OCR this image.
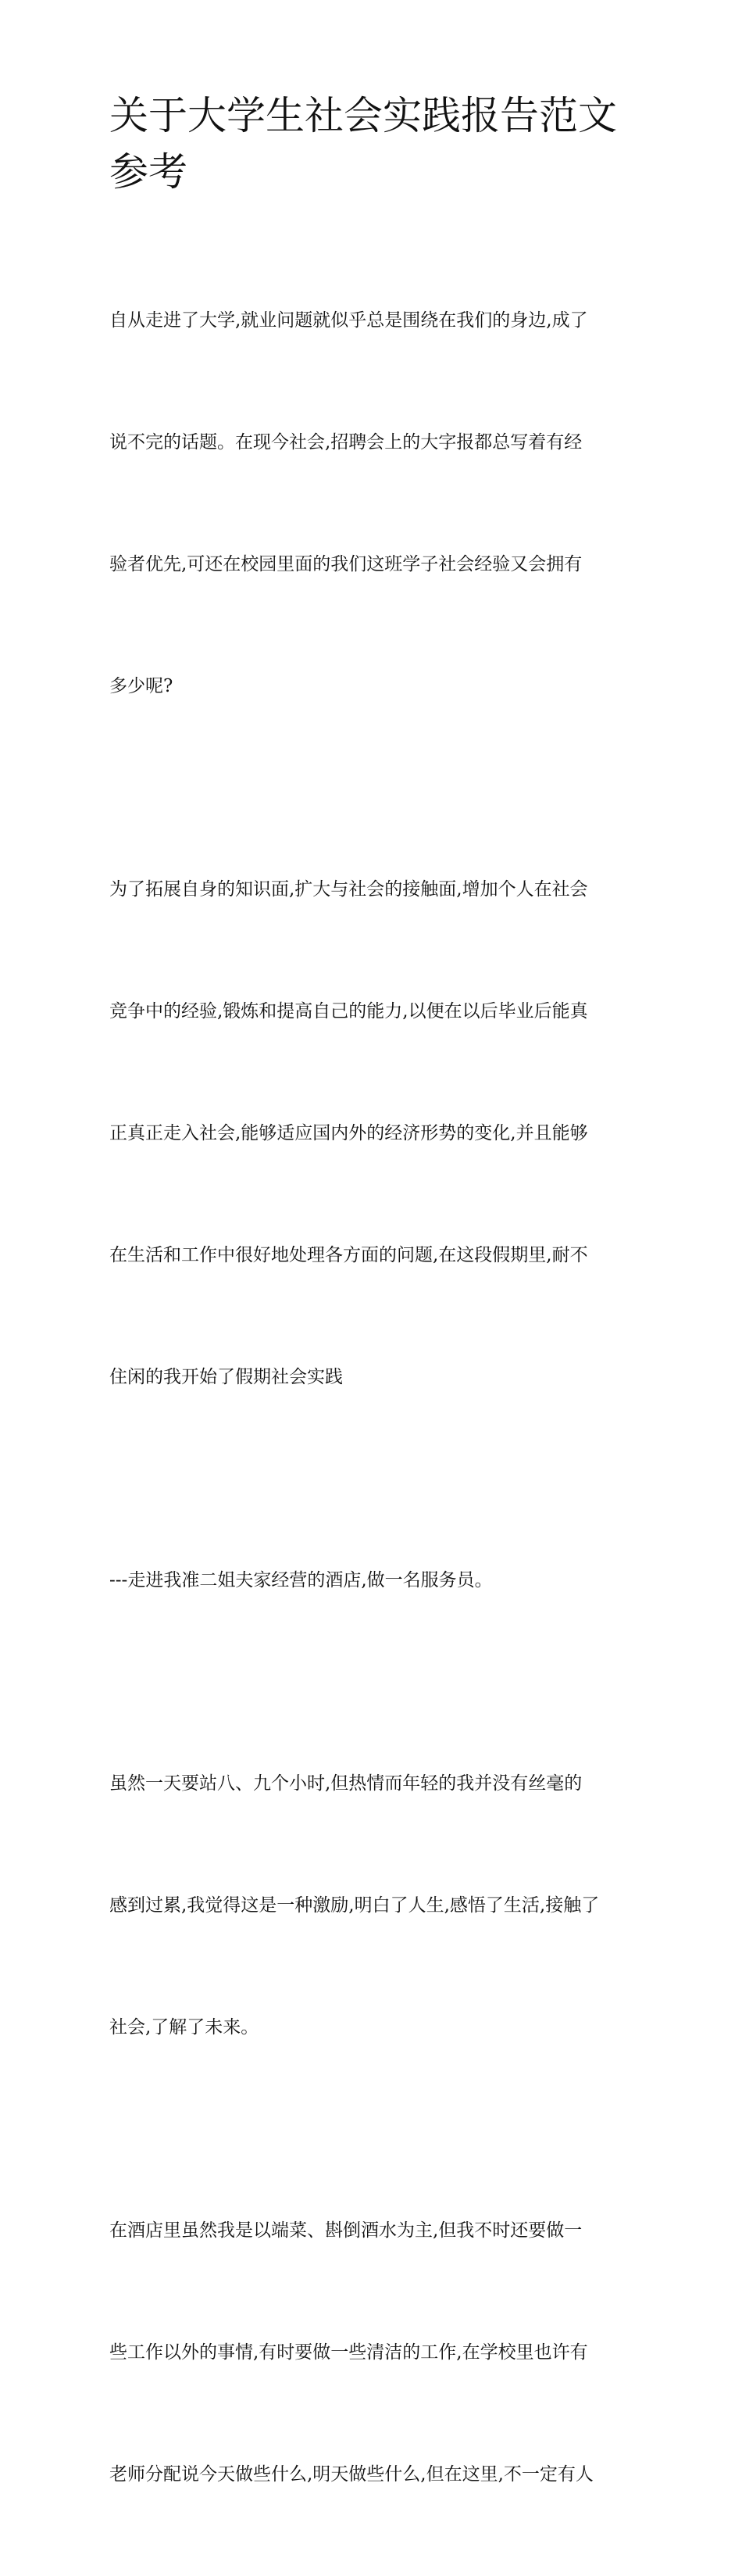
关于大学生社会实践报告范文
参考

自从走进了大学,就业问题就似乎总是围绕在我们的身边,成了

说不完的话题。在现今社会,招聘会上的大字报都总写着有经

验者优先,可还在校园里面的我们这班学子社会经验又会拥有

多少呢?

为了拓展自身的知识面,扩大与社会的接触面,增加个人在社会

竞争中的经验,锻炼和提高自己的能力,以便在以后毕业后能真

正真正走入社会,能够适应国内外的经济形势的变化,并且能够

在生活和工作中很好地处理各方面的问题,在这段假期里,耐不

住闲的我开始了假期社会实践

---走进我准二姐夫家经营的酒店,做一名服务员。

虽然一天要站八、九个小时,但热情而年轻的我并没有丝毫的

感到过累,我觉得这是一种激励,明白了人生,感悟了生活,接触了

社会,了解了未来。

在酒店里虽然我是以端菜、斟倒酒水为主,但我不时还要做一

些工作以外的事情,有时要做一些清洁的工作,在学校里也许有

老师分配说今天做些什么,明天做些什么,但在这里,不一定有人
